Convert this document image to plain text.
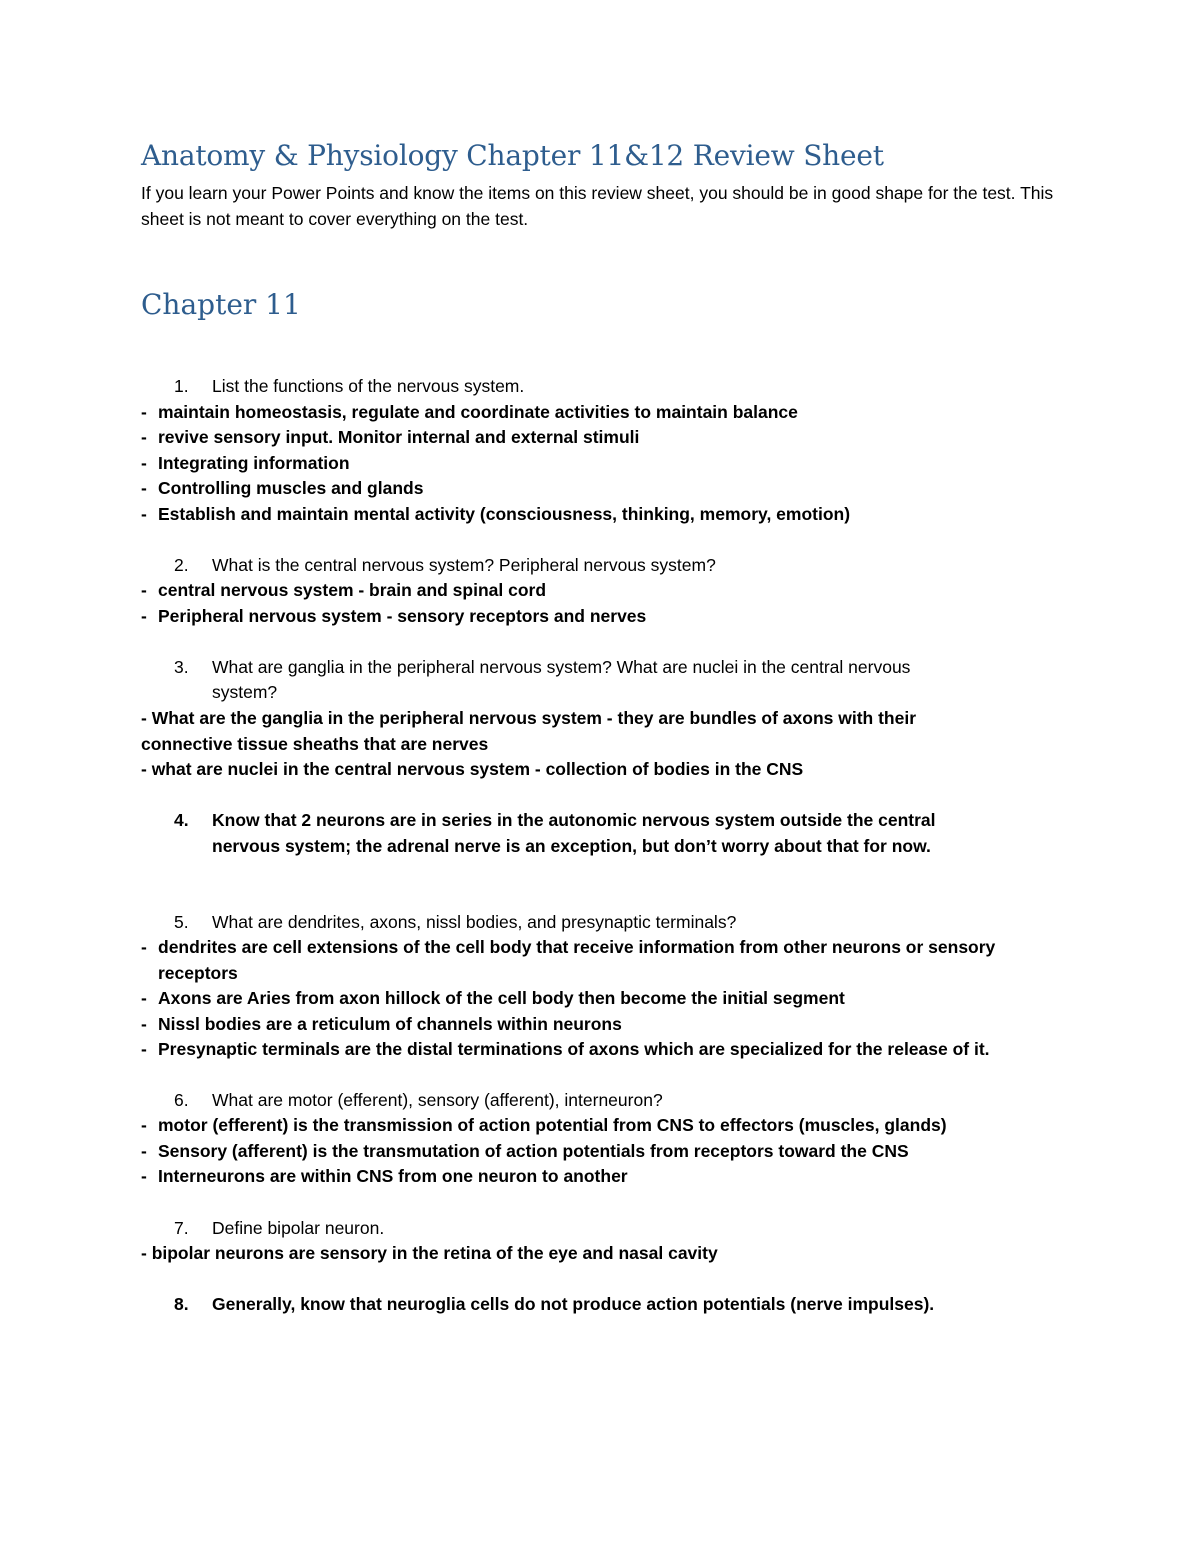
Anatomy & Physiology Chapter 11&12 Review Sheet
If you learn your Power Points and know the items on this review sheet, you should be in good shape for the test. This sheet is not meant to cover everything on the test.
Chapter 11
1. List the functions of the nervous system.
- maintain homeostasis, regulate and coordinate activities to maintain balance
- revive sensory input. Monitor internal and external stimuli
- Integrating information
- Controlling muscles and glands
- Establish and maintain mental activity (consciousness, thinking, memory, emotion)
2. What is the central nervous system? Peripheral nervous system?
- central nervous system - brain and spinal cord
- Peripheral nervous system - sensory receptors and nerves
3. What are ganglia in the peripheral nervous system? What are nuclei in the central nervous
system?
- What are the ganglia in the peripheral nervous system - they are bundles of axons with their
connective tissue sheaths that are nerves
- what are nuclei in the central nervous system - collection of bodies in the CNS
4. Know that 2 neurons are in series in the autonomic nervous system outside the central
nervous system; the adrenal nerve is an exception, but don’t worry about that for now.
5. What are dendrites, axons, nissl bodies, and presynaptic terminals?
- dendrites are cell extensions of the cell body that receive information from other neurons or sensory
receptors
- Axons are Aries from axon hillock of the cell body then become the initial segment
- Nissl bodies are a reticulum of channels within neurons
- Presynaptic terminals are the distal terminations of axons which are specialized for the release of it.
6. What are motor (efferent), sensory (afferent), interneuron?
- motor (efferent) is the transmission of action potential from CNS to effectors (muscles, glands)
- Sensory (afferent) is the transmutation of action potentials from receptors toward the CNS
- Interneurons are within CNS from one neuron to another
7. Define bipolar neuron.
- bipolar neurons are sensory in the retina of the eye and nasal cavity
8. Generally, know that neuroglia cells do not produce action potentials (nerve impulses).
